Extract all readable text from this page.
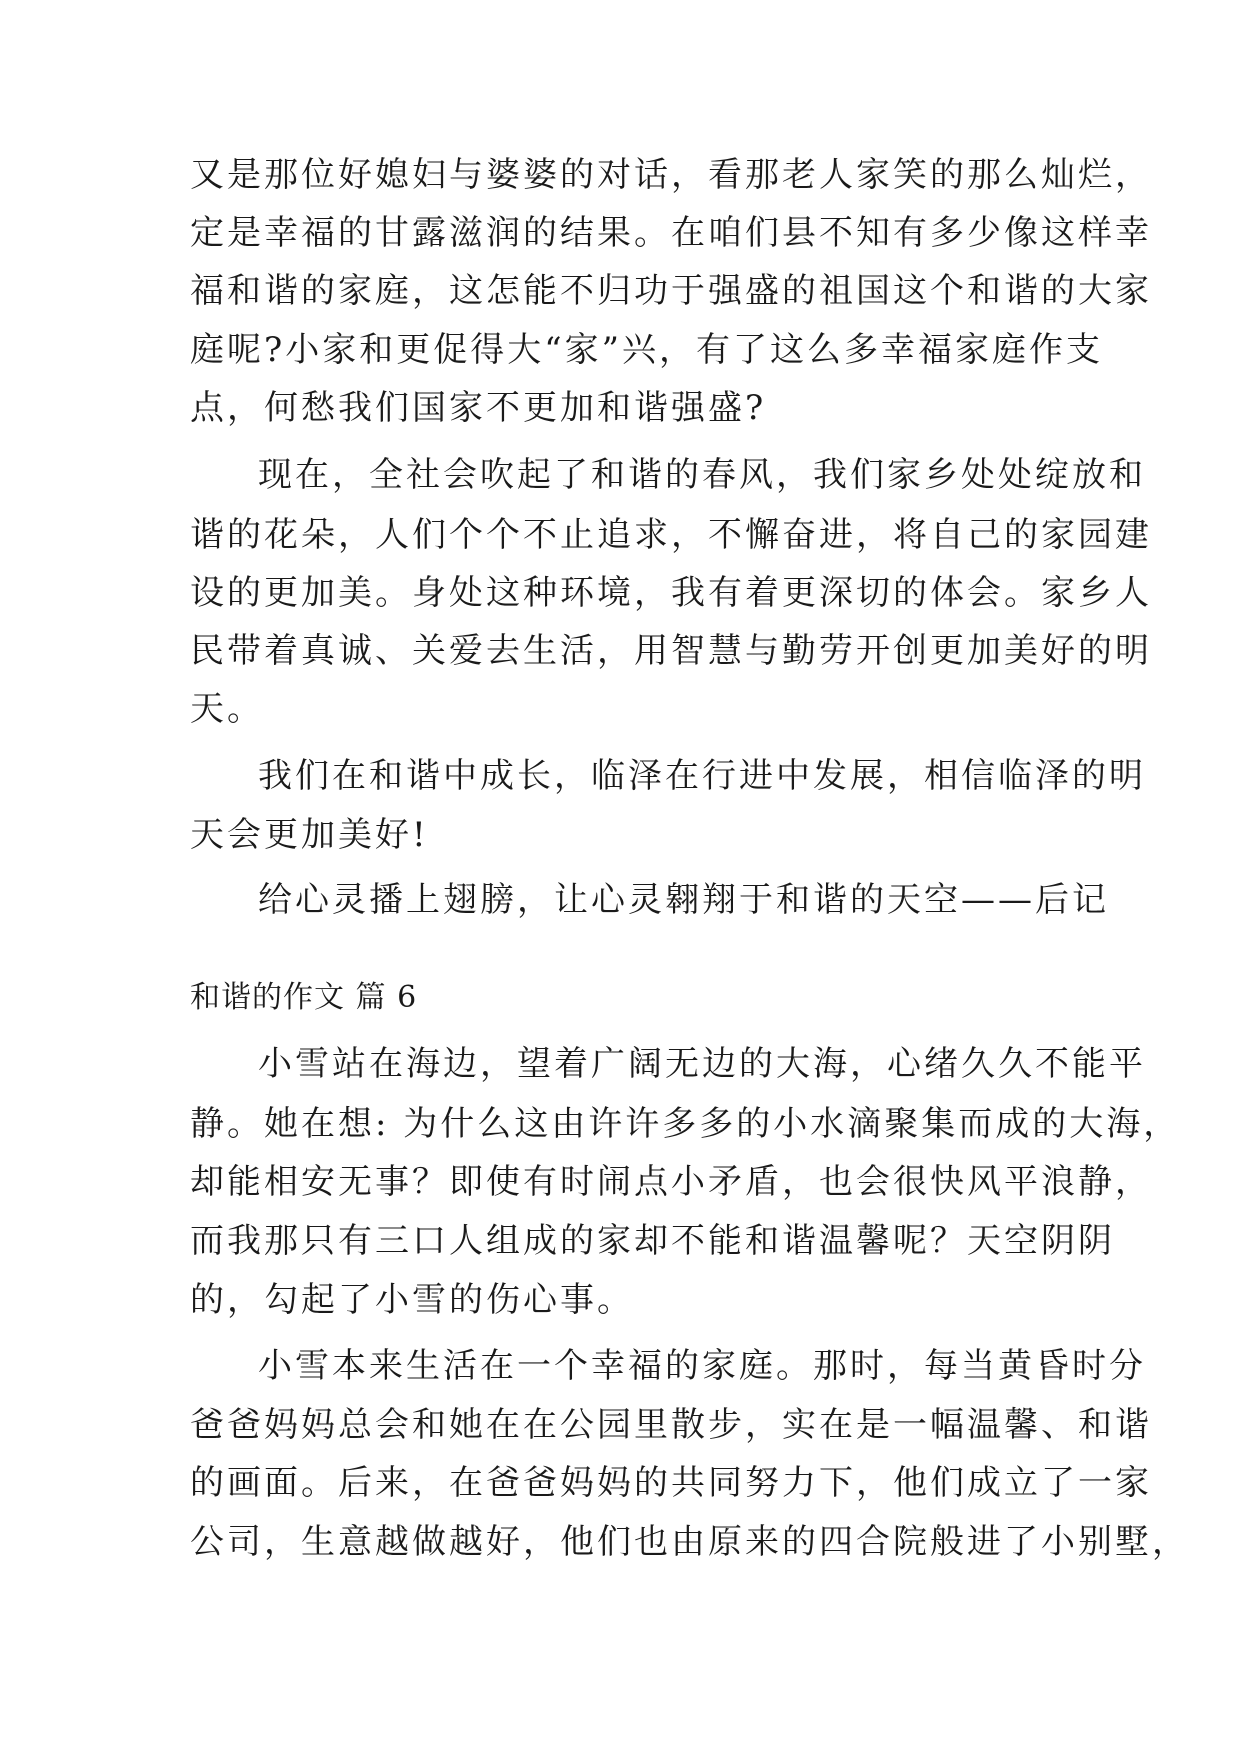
又是那位好媳妇与婆婆的对话，看那老人家笑的那么灿烂，
定是幸福的甘露滋润的结果。在咱们县不知有多少像这样幸
福和谐的家庭，这怎能不归功于强盛的祖国这个和谐的大家
庭呢?小家和更促得大“家”兴，有了这么多幸福家庭作支
点，何愁我们国家不更加和谐强盛?
现在，全社会吹起了和谐的春风，我们家乡处处绽放和
谐的花朵，人们个个不止追求，不懈奋进，将自己的家园建
设的更加美。身处这种环境，我有着更深切的体会。家乡人
民带着真诚、关爱去生活，用智慧与勤劳开创更加美好的明
天。
我们在和谐中成长，临泽在行进中发展，相信临泽的明
天会更加美好!
给心灵播上翅膀，让心灵翱翔于和谐的天空——后记
和谐的作文 篇 6
小雪站在海边，望着广阔无边的大海，心绪久久不能平
静。她在想: 为什么这由许许多多的小水滴聚集而成的大海，
却能相安无事？即使有时闹点小矛盾，也会很快风平浪静，
而我那只有三口人组成的家却不能和谐温馨呢？天空阴阴
的，勾起了小雪的伤心事。
小雪本来生活在一个幸福的家庭。那时，每当黄昏时分
爸爸妈妈总会和她在在公园里散步，实在是一幅温馨、和谐
的画面。后来，在爸爸妈妈的共同努力下，他们成立了一家
公司，生意越做越好，他们也由原来的四合院般进了小别墅，
